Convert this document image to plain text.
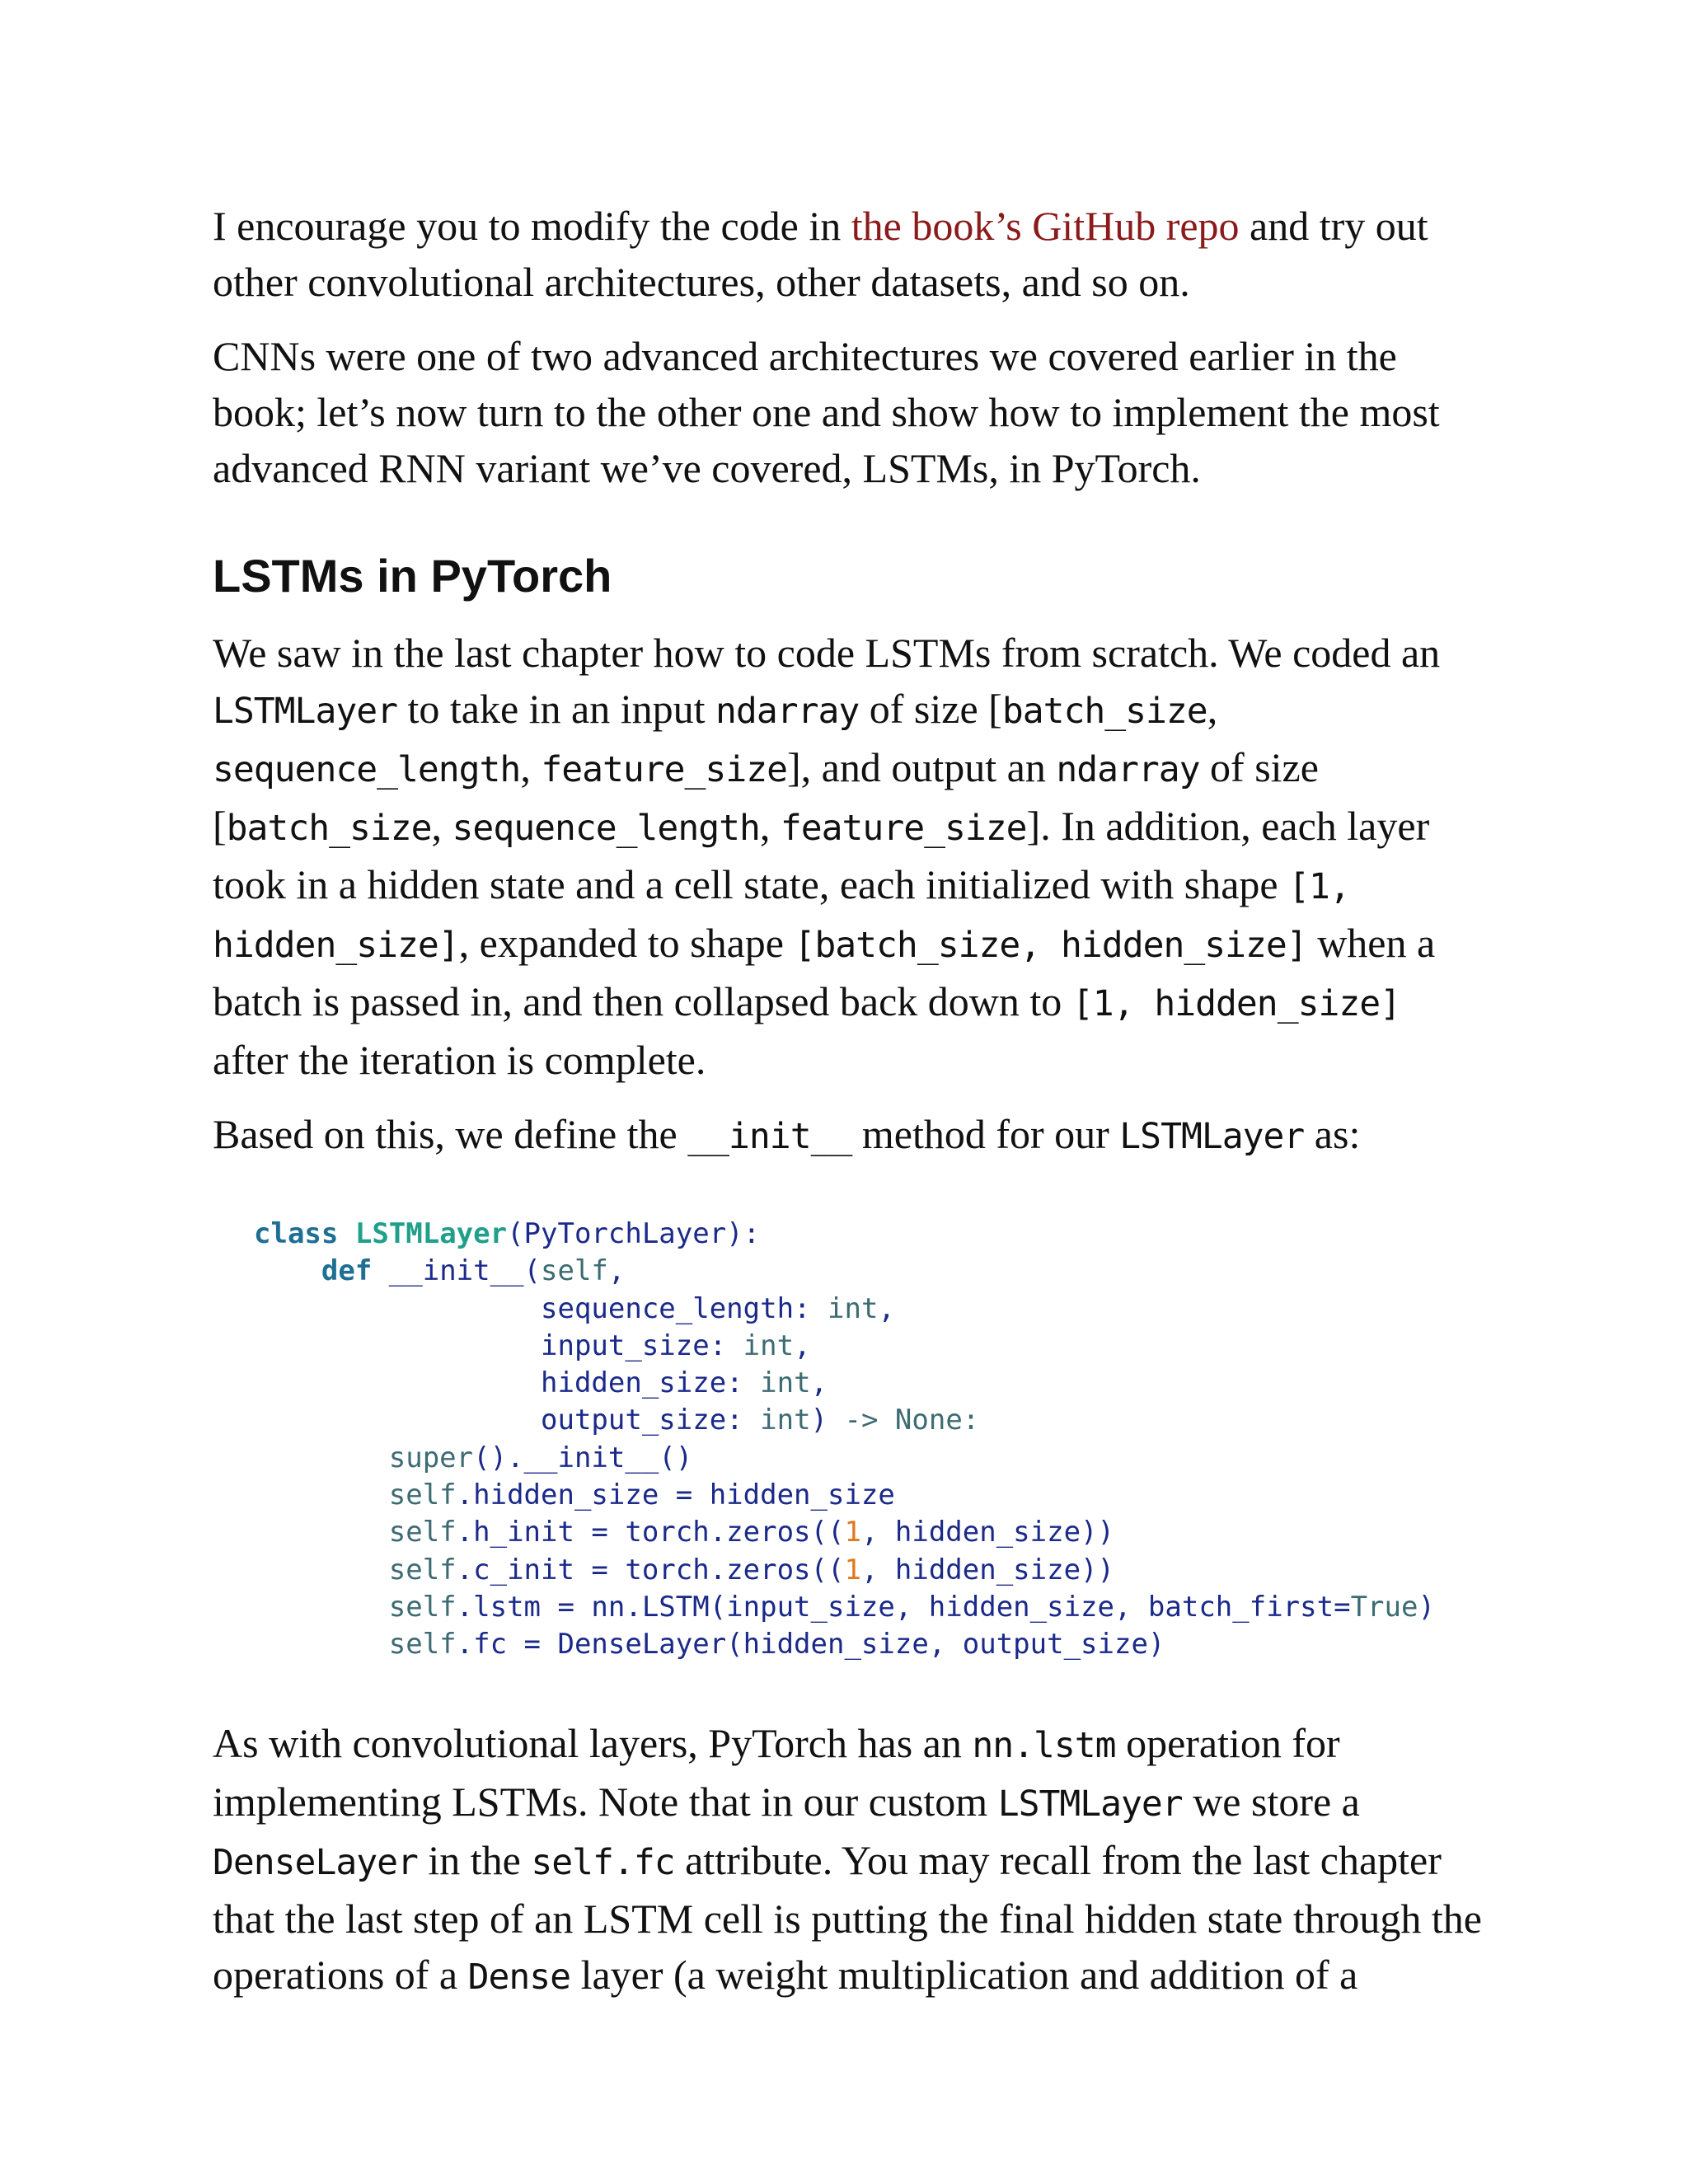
I encourage you to modify the code in the book’s GitHub repo and try out other convolutional architectures, other datasets, and so on.

CNNs were one of two advanced architectures we covered earlier in the book; let’s now turn to the other one and show how to implement the most advanced RNN variant we’ve covered, LSTMs, in PyTorch.

LSTMs in PyTorch

We saw in the last chapter how to code LSTMs from scratch. We coded an LSTMLayer to take in an input ndarray of size [batch_size, sequence_length, feature_size], and output an ndarray of size [batch_size, sequence_length, feature_size]. In addition, each layer took in a hidden state and a cell state, each initialized with shape [1, hidden_size], expanded to shape [batch_size, hidden_size] when a batch is passed in, and then collapsed back down to [1, hidden_size] after the iteration is complete.

Based on this, we define the __init__ method for our LSTMLayer as:

class LSTMLayer(PyTorchLayer):
def __init__(self,
sequence_length: int,
input_size: int,
hidden_size: int,
output_size: int) -> None:
super().__init__()
self.hidden_size = hidden_size
self.h_init = torch.zeros((1, hidden_size))
self.c_init = torch.zeros((1, hidden_size))
self.lstm = nn.LSTM(input_size, hidden_size, batch_first=True)
self.fc = DenseLayer(hidden_size, output_size)

As with convolutional layers, PyTorch has an nn.lstm operation for implementing LSTMs. Note that in our custom LSTMLayer we store a DenseLayer in the self.fc attribute. You may recall from the last chapter that the last step of an LSTM cell is putting the final hidden state through the operations of a Dense layer (a weight multiplication and addition of a
